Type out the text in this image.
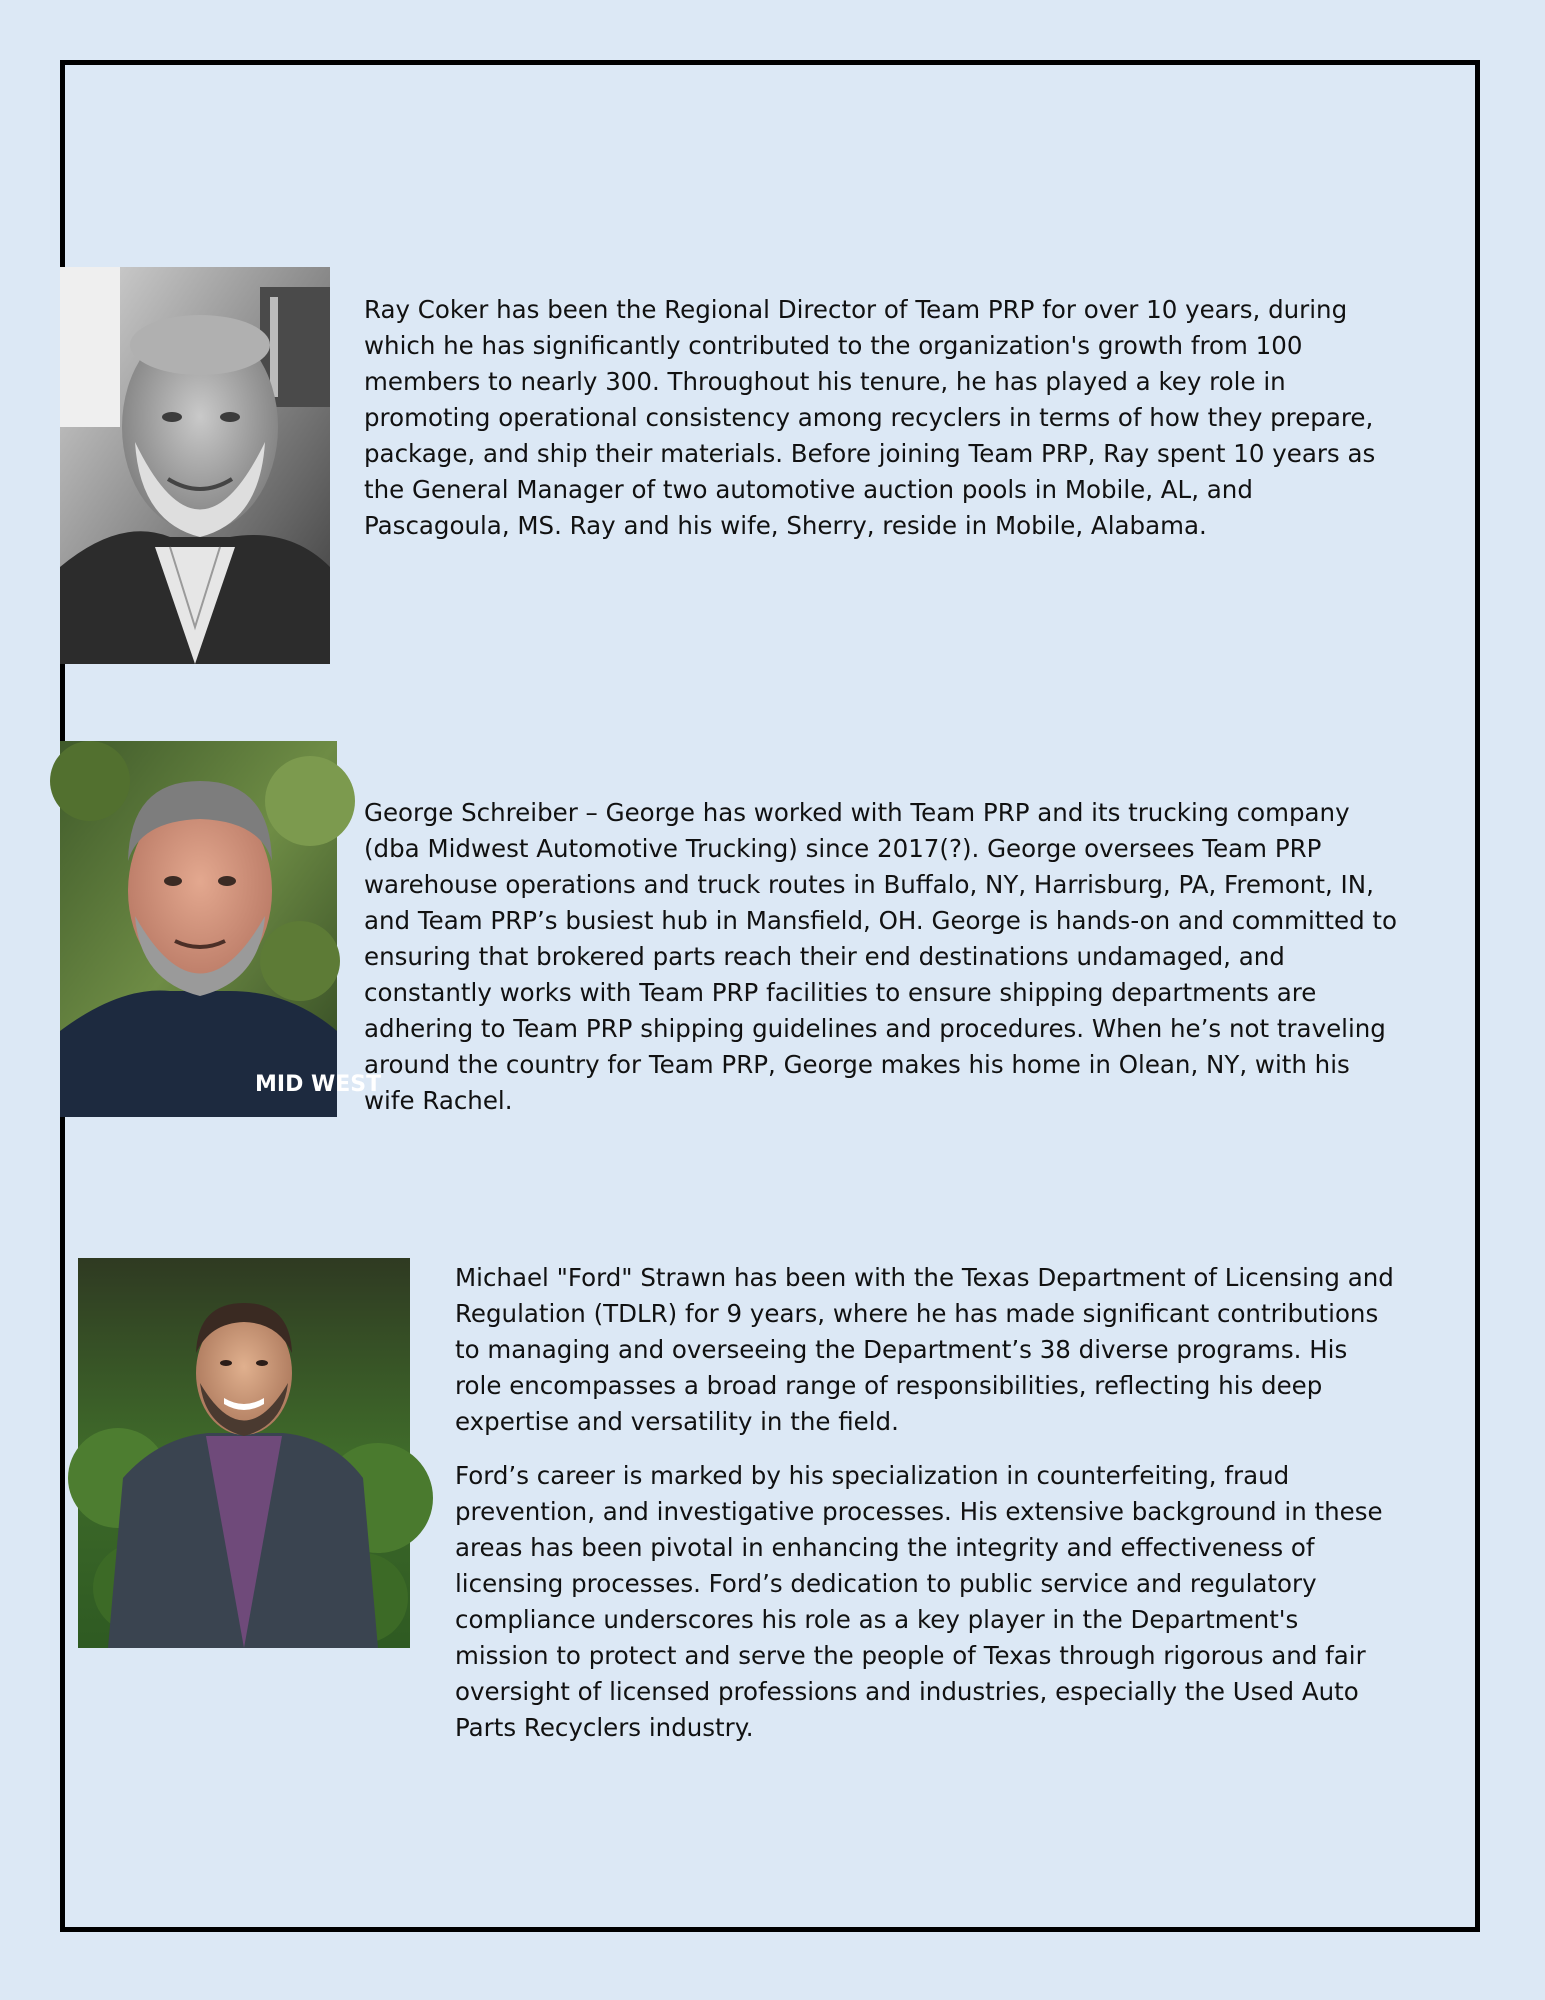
Ray Coker has been the Regional Director of Team PRP for over 10 years, during which he has significantly contributed to the organization's growth from 100 members to nearly 300. Throughout his tenure, he has played a key role in promoting operational consistency among recyclers in terms of how they prepare, package, and ship their materials. Before joining Team PRP, Ray spent 10 years as the General Manager of two automotive auction pools in Mobile, AL, and Pascagoula, MS. Ray and his wife, Sherry, reside in Mobile, Alabama.

MID WEST

George Schreiber – George has worked with Team PRP and its trucking company (dba Midwest Automotive Trucking) since 2017(?). George oversees Team PRP warehouse operations and truck routes in Buffalo, NY, Harrisburg, PA, Fremont, IN, and Team PRP’s busiest hub in Mansfield, OH. George is hands-on and committed to ensuring that brokered parts reach their end destinations undamaged, and constantly works with Team PRP facilities to ensure shipping departments are adhering to Team PRP shipping guidelines and procedures. When he’s not traveling around the country for Team PRP, George makes his home in Olean, NY, with his wife Rachel.

Michael "Ford" Strawn has been with the Texas Department of Licensing and Regulation (TDLR) for 9 years, where he has made significant contributions to managing and overseeing the Department’s 38 diverse programs. His role encompasses a broad range of responsibilities, reflecting his deep expertise and versatility in the field.

Ford’s career is marked by his specialization in counterfeiting, fraud prevention, and investigative processes. His extensive background in these areas has been pivotal in enhancing the integrity and effectiveness of licensing processes. Ford’s dedication to public service and regulatory compliance underscores his role as a key player in the Department's mission to protect and serve the people of Texas through rigorous and fair oversight of licensed professions and industries, especially the Used Auto Parts Recyclers industry.
